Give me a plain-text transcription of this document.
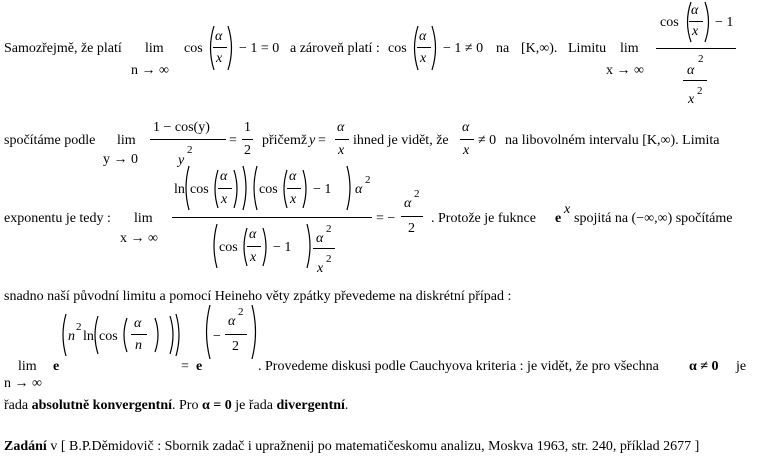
Samozřejmě, že platí lim
n → ∞
cos
α
x
− 1 = 0 a zároveň platí : cos
α
x
− 1 ≠ 0 na [K,∞). Limitu lim
x → ∞
cos
α
x
− 1
α
2
x
2
spočítáme podle lim
y → 0
1 − cos(y)
y
2
=
1
2
přičemž y =
α
x
ihned je vidět, že
α
x
≠ 0 na libovolném intervalu [K,∞). Limita
exponentu je tedy : lim
x → ∞
ln cos
α
x
cos
α
x
− 1 α
2
cos
α
x
− 1
α
2
x
2
= −
α
2
2
. Protože je fuknce e
x
spojitá na (−∞,∞) spočítáme
snadno naší původní limitu a pomocí Heineho věty zpátky převedeme na diskrétní případ :
lim
n → ∞
e
n
2
ln cos
α
n
= e
−
α
2
2
. Provedeme diskusi podle Cauchyova kriteria : je vidět, že pro všechna α ≠ 0 je
řada absolutně konvergentní. Pro α = 0 je řada divergentní.
Zadání v [ B.P.Děmidovič : Sbornik zadač i upražnenij po matematičeskomu analizu, Moskva 1963, str. 240, příklad 2677 ]
